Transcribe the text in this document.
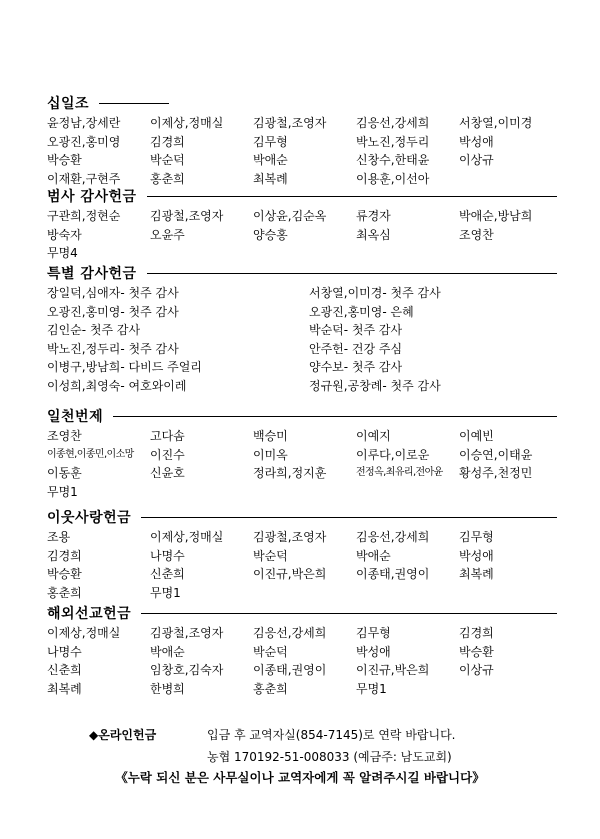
십일조
윤정남,장세란	이제상,정매실	김광철,조영자	김응선,강세희	서창열,이미경
오광진,홍미영	김경희	김무형	박노진,정두리	박성애
박승환	박순덕	박애순	신창수,한태윤	이상규
이재환,구현주	홍춘희	최복례	이용훈,이선아
범사 감사헌금
구관희,정현순	김광철,조영자	이상윤,김순옥	류경자	박애순,방남희
방숙자	오윤주	양승홍	최옥심	조영찬
무명4
특별 감사헌금
장일덕,심애자- 첫주 감사	서창열,이미경- 첫주 감사
오광진,홍미영- 첫주 감사	오광진,홍미영- 은혜
김인순- 첫주 감사	박순덕- 첫주 감사
박노진,정두리- 첫주 감사	안주헌- 건강 주심
이병구,방남희- 다비드 주얼리	양수보- 첫주 감사
이성희,최영숙- 여호와이레	정규원,공창례- 첫주 감사
일천번제
조영찬	고다솜	백승미	이예지	이예빈
이종현,이종민,이소망	이진수	이미옥	이루다,이로운	이승연,이태윤
이동훈	신윤호	정라희,정지훈	전정옥,최유리,전아윤	황성주,천정민
무명1
이웃사랑헌금
조용	이제상,정매실	김광철,조영자	김응선,강세희	김무형
김경희	나명수	박순덕	박애순	박성애
박승환	신춘희	이진규,박은희	이종태,권영이	최복례
홍춘희	무명1
해외선교헌금
이제상,정매실	김광철,조영자	김응선,강세희	김무형	김경희
나명수	박애순	박순덕	박성애	박승환
신춘희	임창호,김숙자	이종태,권영이	이진규,박은희	이상규
최복례	한병희	홍춘희	무명1
◆온라인헌금	입금 후 교역자실(854-7145)로 연락 바랍니다.
농협 170192-51-008033 (예금주: 남도교회)
《누락 되신 분은 사무실이나 교역자에게 꼭 알려주시길 바랍니다》
